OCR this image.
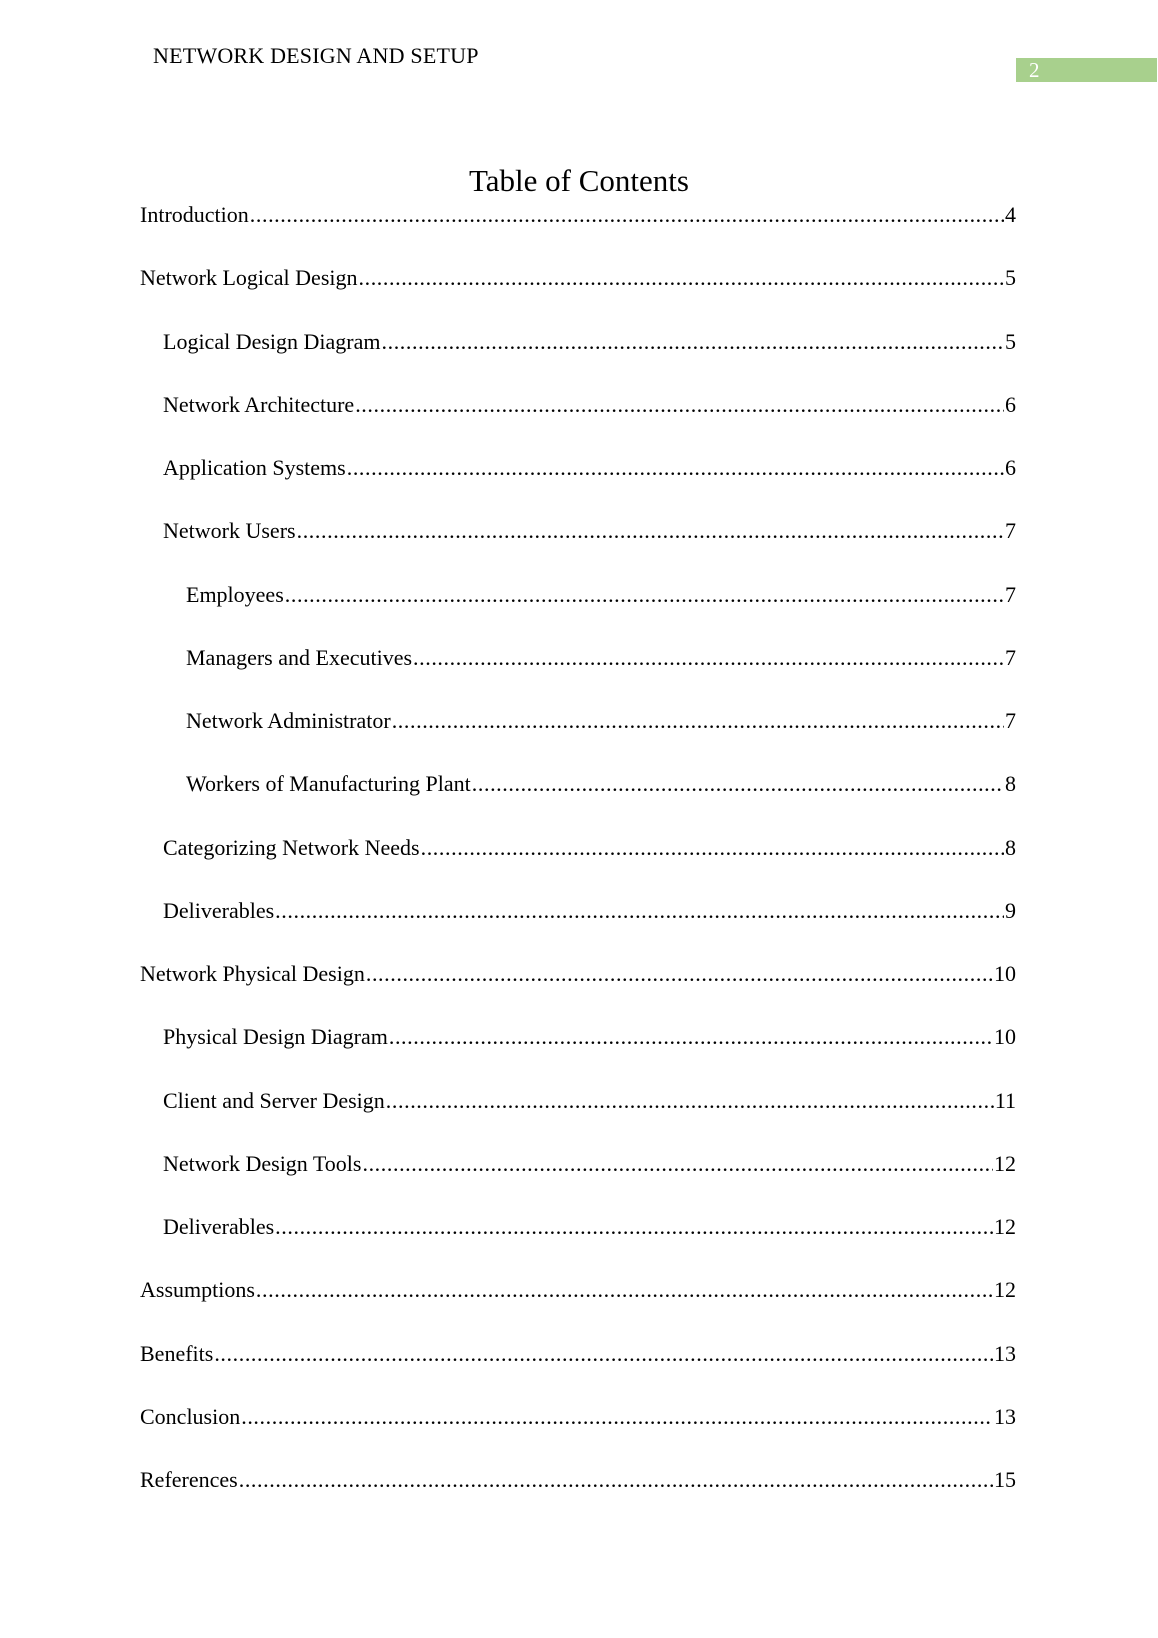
NETWORK DESIGN AND SETUP
2
Table of Contents
Introduction .....	4
Network Logical Design .....	5
Logical Design Diagram .....	5
Network Architecture .....	6
Application Systems .....	6
Network Users .....	7
Employees .....	7
Managers and Executives .....	7
Network Administrator .....	7
Workers of Manufacturing Plant .....	8
Categorizing Network Needs .....	8
Deliverables .....	9
Network Physical Design .....	10
Physical Design Diagram .....	10
Client and Server Design .....	11
Network Design Tools .....	12
Deliverables .....	12
Assumptions .....	12
Benefits .....	13
Conclusion .....	13
References .....	15
